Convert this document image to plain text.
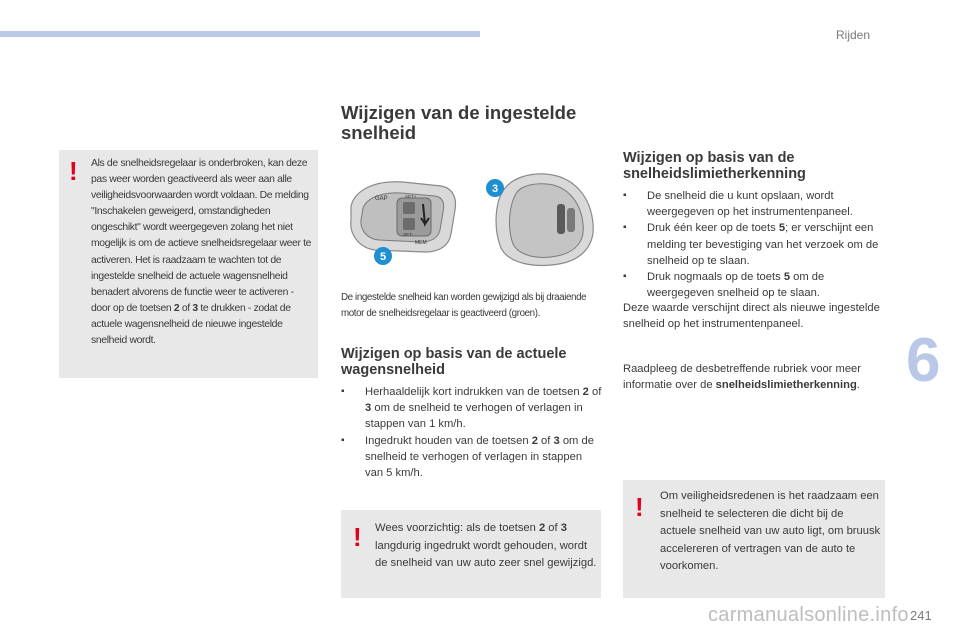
Rijden
6
! Als de snelheidsregelaar is onderbroken, kan deze pas weer worden geactiveerd als weer aan alle veiligheidsvoorwaarden wordt voldaan. De melding "Inschakelen geweigerd, omstandigheden ongeschikt" wordt weergegeven zolang het niet mogelijk is om de actieve snelheidsregelaar weer te activeren. Het is raadzaam te wachten tot de ingestelde snelheid de actuele wagensnelheid benadert alvorens de functie weer te activeren - door op de toetsen 2 of 3 te drukken - zodat de actuele wagensnelheid de nieuwe ingestelde snelheid wordt.
Wijzigen van de ingestelde snelheid
GAP	SET+
SET-
MEM
3
5
De ingestelde snelheid kan worden gewijzigd als bij draaiende motor de snelheidsregelaar is geactiveerd (groen).
Wijzigen op basis van de actuele wagensnelheid
▪ Herhaaldelijk kort indrukken van de toetsen 2 of 3 om de snelheid te verhogen of verlagen in stappen van 1 km/h.
▪ Ingedrukt houden van de toetsen 2 of 3 om de snelheid te verhogen of verlagen in stappen van 5 km/h.
! Wees voorzichtig: als de toetsen 2 of 3 langdurig ingedrukt wordt gehouden, wordt de snelheid van uw auto zeer snel gewijzigd.
Wijzigen op basis van de snelheidslimietherkenning
▪ De snelheid die u kunt opslaan, wordt weergegeven op het instrumentenpaneel.
▪ Druk één keer op de toets 5; er verschijnt een melding ter bevestiging van het verzoek om de snelheid op te slaan.
▪ Druk nogmaals op de toets 5 om de weergegeven snelheid op te slaan.
Deze waarde verschijnt direct als nieuwe ingestelde snelheid op het instrumentenpaneel.
Raadpleeg de desbetreffende rubriek voor meer informatie over de snelheidslimietherkenning.
! Om veiligheidsredenen is het raadzaam een snelheid te selecteren die dicht bij de actuele snelheid van uw auto ligt, om bruusk accelereren of vertragen van de auto te voorkomen.
carmanualsonline.info 241
